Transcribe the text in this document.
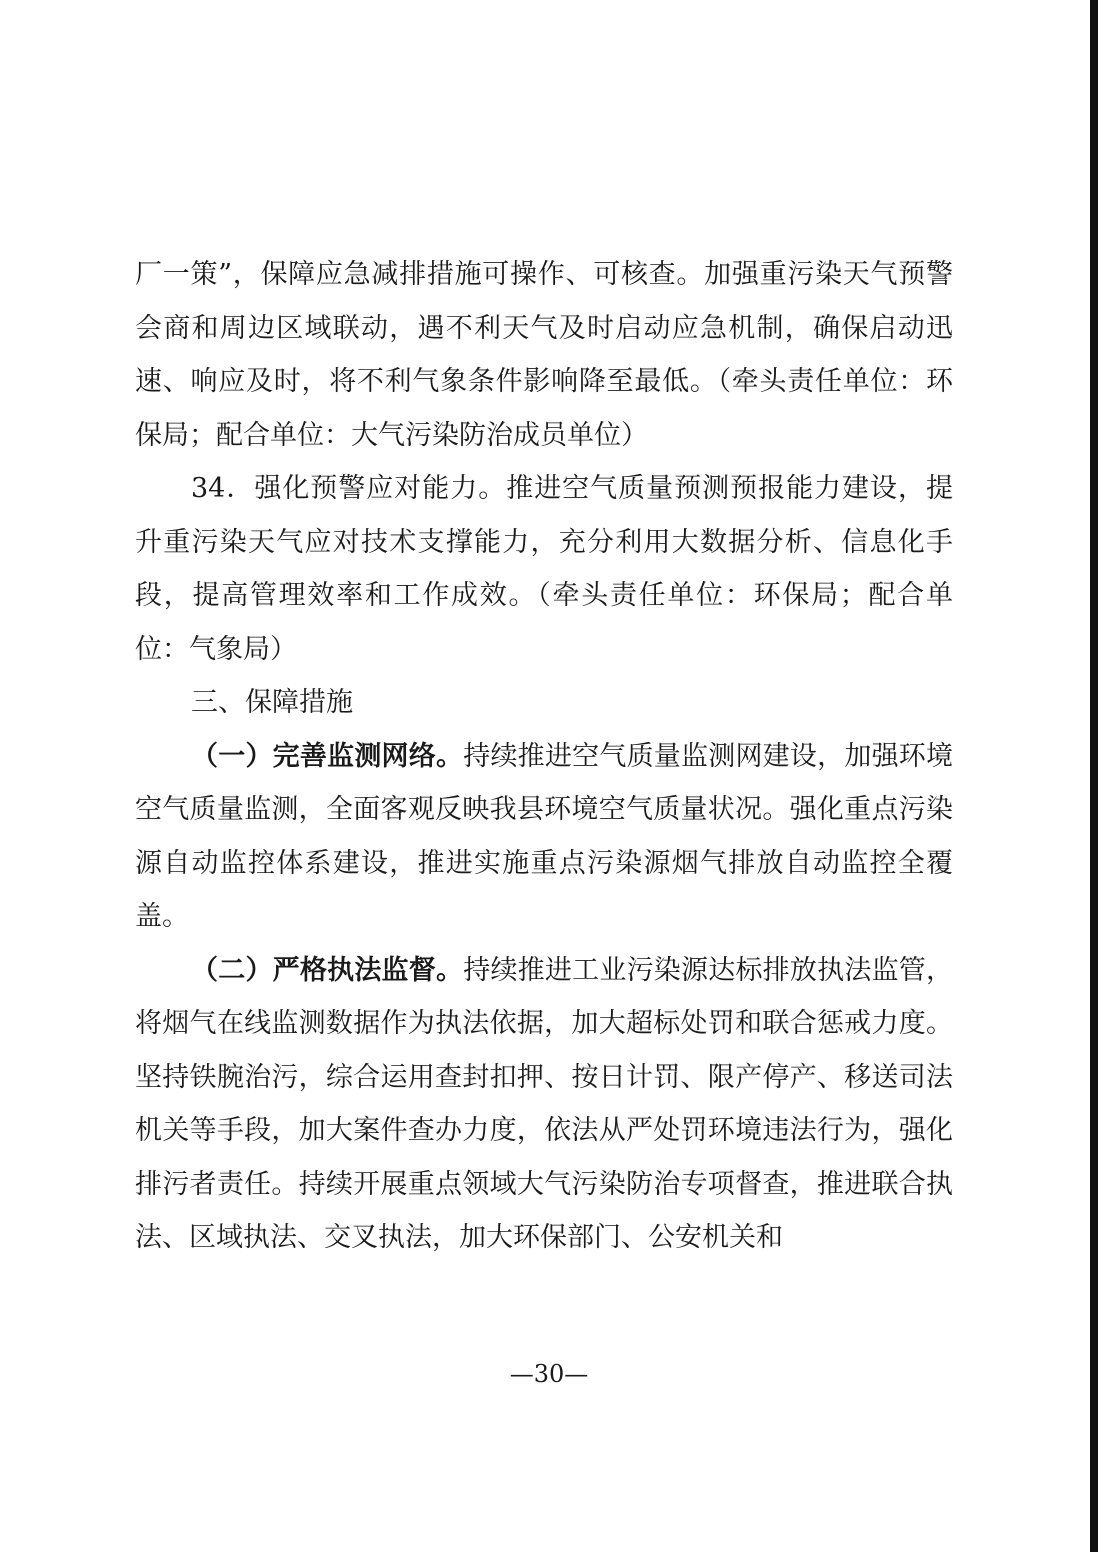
厂一策”，保障应急减排措施可操作、可核查。加强重污染天气预警会商和周边区域联动，遇不利天气及时启动应急机制，确保启动迅速、响应及时，将不利气象条件影响降至最低。（牵头责任单位：环保局；配合单位：大气污染防治成员单位）

34．强化预警应对能力。推进空气质量预测预报能力建设，提升重污染天气应对技术支撑能力，充分利用大数据分析、信息化手段，提高管理效率和工作成效。（牵头责任单位：环保局；配合单位：气象局）

三、保障措施

（一）完善监测网络。持续推进空气质量监测网建设，加强环境空气质量监测，全面客观反映我县环境空气质量状况。强化重点污染源自动监控体系建设，推进实施重点污染源烟气排放自动监控全覆盖。

（二）严格执法监督。持续推进工业污染源达标排放执法监管，将烟气在线监测数据作为执法依据，加大超标处罚和联合惩戒力度。坚持铁腕治污，综合运用查封扣押、按日计罚、限产停产、移送司法机关等手段，加大案件查办力度，依法从严处罚环境违法行为，强化排污者责任。持续开展重点领域大气污染防治专项督查，推进联合执法、区域执法、交叉执法，加大环保部门、公安机关和

—30—
